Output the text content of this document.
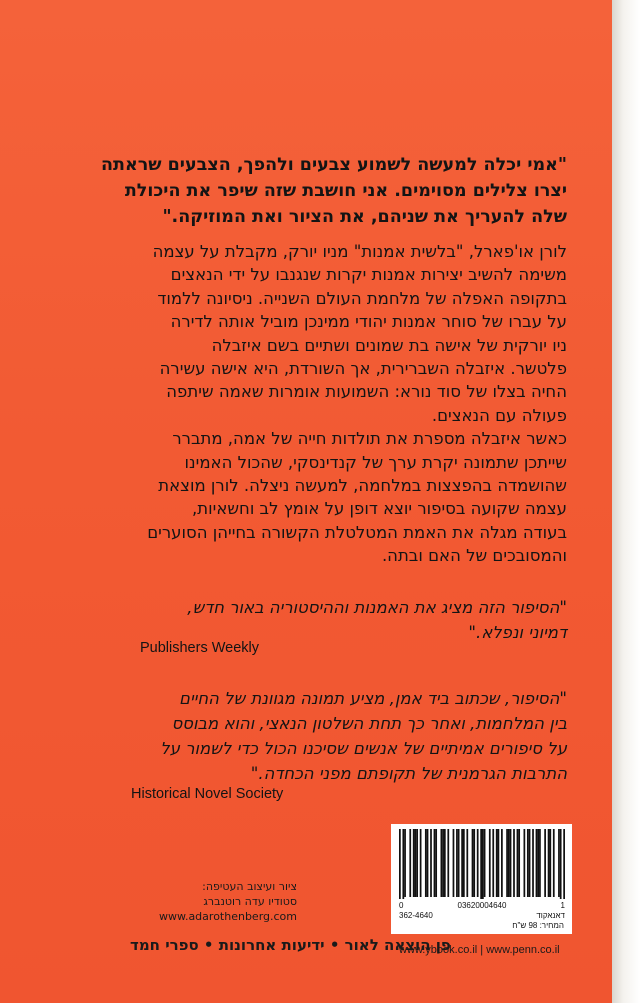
"אמי יכלה למעשה לשמוע צבעים ולהפך, הצבעים שראתה
יצרו צלילים מסוימים. אני חושבת שזה שיפר את היכולת
שלה להעריך את שניהם, את הציור ואת המוזיקה."

לורן או'פארל, "בלשית אמנות" מניו יורק, מקבלת על עצמה
משימה להשיב יצירות אמנות יקרות שנגנבו על ידי הנאצים
בתקופה האפלה של מלחמת העולם השנייה. ניסיונה ללמוד
על עברו של סוחר אמנות יהודי ממינכן מוביל אותה לדירה
ניו יורקית של אישה בת שמונים ושתיים בשם איזבלה
פלטשר. איזבלה השברירית, אך השורדת, היא אישה עשירה
החיה בצלו של סוד נורא: השמועות אומרות שאמה שיתפה
פעולה עם הנאצים.
כאשר איזבלה מספרת את תולדות חייה של אמה, מתברר
שייתכן שתמונה יקרת ערך של קנדינסקי, שהכול האמינו
שהושמדה בהפצצות במלחמה, למעשה ניצלה. לורן מוצאת
עצמה שקועה בסיפור יוצא דופן על אומץ לב וחשאיות,
בעודה מגלה את האמת המטלטלת הקשורה בחייהן הסוערים
והמסובכים של האם ובתה.

"הסיפור הזה מציג את האמנות וההיסטוריה באור חדש,
דמיוני ונפלא."

Publishers Weekly

"הסיפור, שכתוב ביד אמן, מציע תמונה מגוונת של החיים
בין המלחמות, ואחר כך תחת השלטון הנאצי, והוא מבוסס
על סיפורים אמיתיים של אנשים שסיכנו הכול כדי לשמור על
התרבות הגרמנית של תקופתם מפני הכחדה."

Historical Novel Society

0	03620004640	1

362-4640	דאנאקוד

המחיר: 98 ש"ח

ציור ועיצוב העטיפה:
סטודיו עדה רוטנברג
www.adarothenberg.com

www.ybook.co.il | www.penn.co.il

פן הוצאה לאור • ידיעות אחרונות • ספרי חמד
